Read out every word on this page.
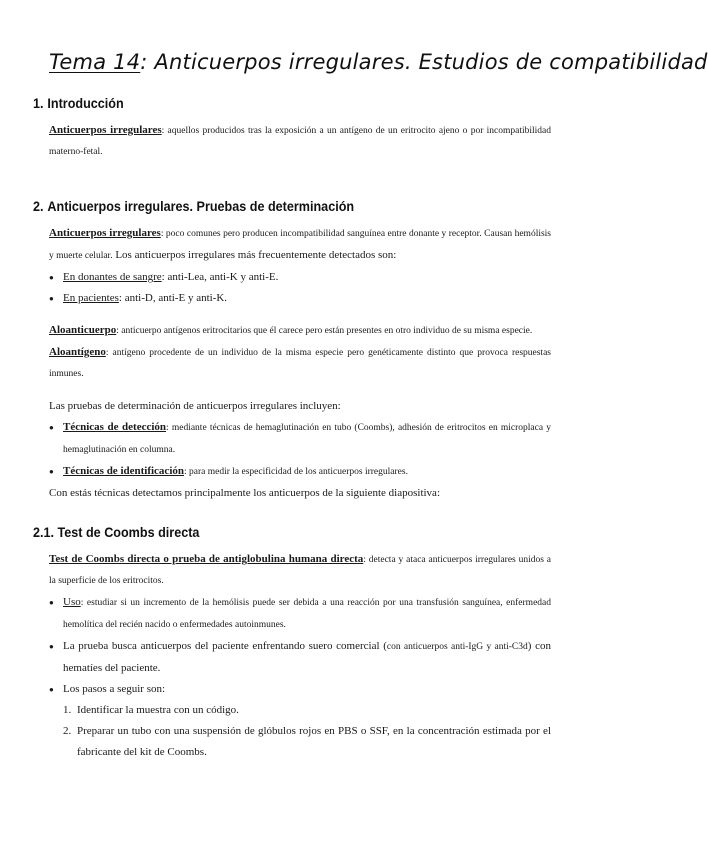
Tema 14: Anticuerpos irregulares. Estudios de compatibilidad
1. Introducción

Anticuerpos irregulares: aquellos producidos tras la exposición a un antígeno de un eritrocito ajeno o por incompatibilidad materno-fetal.

2. Anticuerpos irregulares. Pruebas de determinación

Anticuerpos irregulares: poco comunes pero producen incompatibilidad sanguínea entre donante y receptor. Causan hemólisis y muerte celular. Los anticuerpos irregulares más frecuentemente detectados son:

● En donantes de sangre: anti-Lea, anti-K y anti-E.
● En pacientes: anti-D, anti-E y anti-K.

Aloanticuerpo: anticuerpo antígenos eritrocitarios que él carece pero están presentes en otro individuo de su misma especie.

Aloantígeno: antígeno procedente de un individuo de la misma especie pero genéticamente distinto que provoca respuestas inmunes.

Las pruebas de determinación de anticuerpos irregulares incluyen:

● Técnicas de detección: mediante técnicas de hemaglutinación en tubo (Coombs), adhesión de eritrocitos en microplaca y hemaglutinación en columna.
● Técnicas de identificación: para medir la especificidad de los anticuerpos irregulares.

Con estás técnicas detectamos principalmente los anticuerpos de la siguiente diapositiva:

2.1. Test de Coombs directa

Test de Coombs directa o prueba de antiglobulina humana directa: detecta y ataca anticuerpos irregulares unidos a la superficie de los eritrocitos.

● Uso: estudiar si un incremento de la hemólisis puede ser debida a una reacción por una transfusión sanguínea, enfermedad hemolítica del recién nacido o enfermedades autoinmunes.
● La prueba busca anticuerpos del paciente enfrentando suero comercial (con anticuerpos anti-IgG y anti-C3d) con hematíes del paciente.
● Los pasos a seguir son:
1. Identificar la muestra con un código.
2. Preparar un tubo con una suspensión de glóbulos rojos en PBS o SSF, en la concentración estimada por el fabricante del kit de Coombs.
